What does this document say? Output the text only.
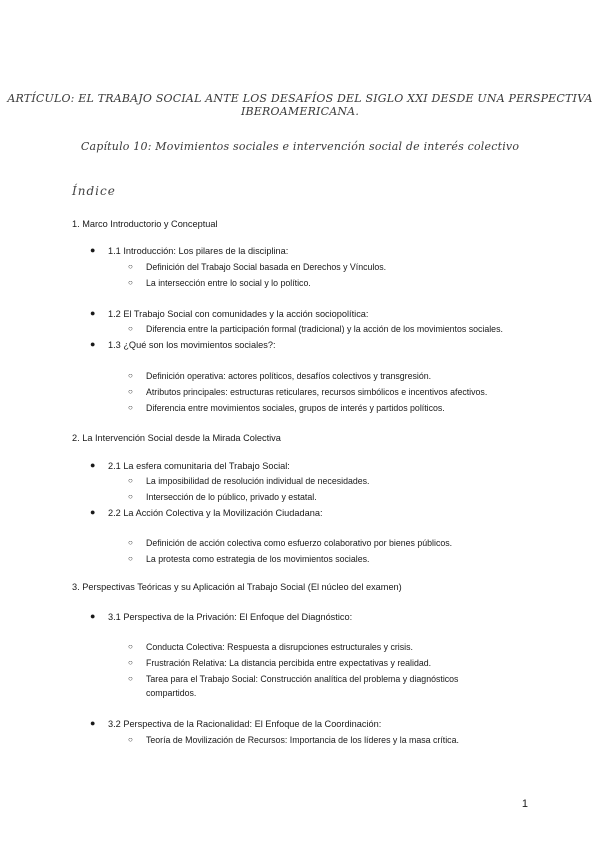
ARTÍCULO: EL TRABAJO SOCIAL ANTE LOS DESAFÍOS DEL SIGLO XXI DESDE UNA PERSPECTIVA IBEROAMERICANA.
Capítulo 10: Movimientos sociales e intervención social de interés colectivo
Índice
1. Marco Introductorio y Conceptual
● 1.1 Introducción: Los pilares de la disciplina:
○ Definición del Trabajo Social basada en Derechos y Vínculos.
○ La intersección entre lo social y lo político.
● 1.2 El Trabajo Social con comunidades y la acción sociopolítica:
○ Diferencia entre la participación formal (tradicional) y la acción de los movimientos sociales.
● 1.3 ¿Qué son los movimientos sociales?:
○ Definición operativa: actores políticos, desafíos colectivos y transgresión.
○ Atributos principales: estructuras reticulares, recursos simbólicos e incentivos afectivos.
○ Diferencia entre movimientos sociales, grupos de interés y partidos políticos.
2. La Intervención Social desde la Mirada Colectiva
● 2.1 La esfera comunitaria del Trabajo Social:
○ La imposibilidad de resolución individual de necesidades.
○ Intersección de lo público, privado y estatal.
● 2.2 La Acción Colectiva y la Movilización Ciudadana:
○ Definición de acción colectiva como esfuerzo colaborativo por bienes públicos.
○ La protesta como estrategia de los movimientos sociales.
3. Perspectivas Teóricas y su Aplicación al Trabajo Social (El núcleo del examen)
● 3.1 Perspectiva de la Privación: El Enfoque del Diagnóstico:
○ Conducta Colectiva: Respuesta a disrupciones estructurales y crisis.
○ Frustración Relativa: La distancia percibida entre expectativas y realidad.
○ Tarea para el Trabajo Social: Construcción analítica del problema y diagnósticos
compartidos.
● 3.2 Perspectiva de la Racionalidad: El Enfoque de la Coordinación:
○ Teoría de Movilización de Recursos: Importancia de los líderes y la masa crítica.
1
